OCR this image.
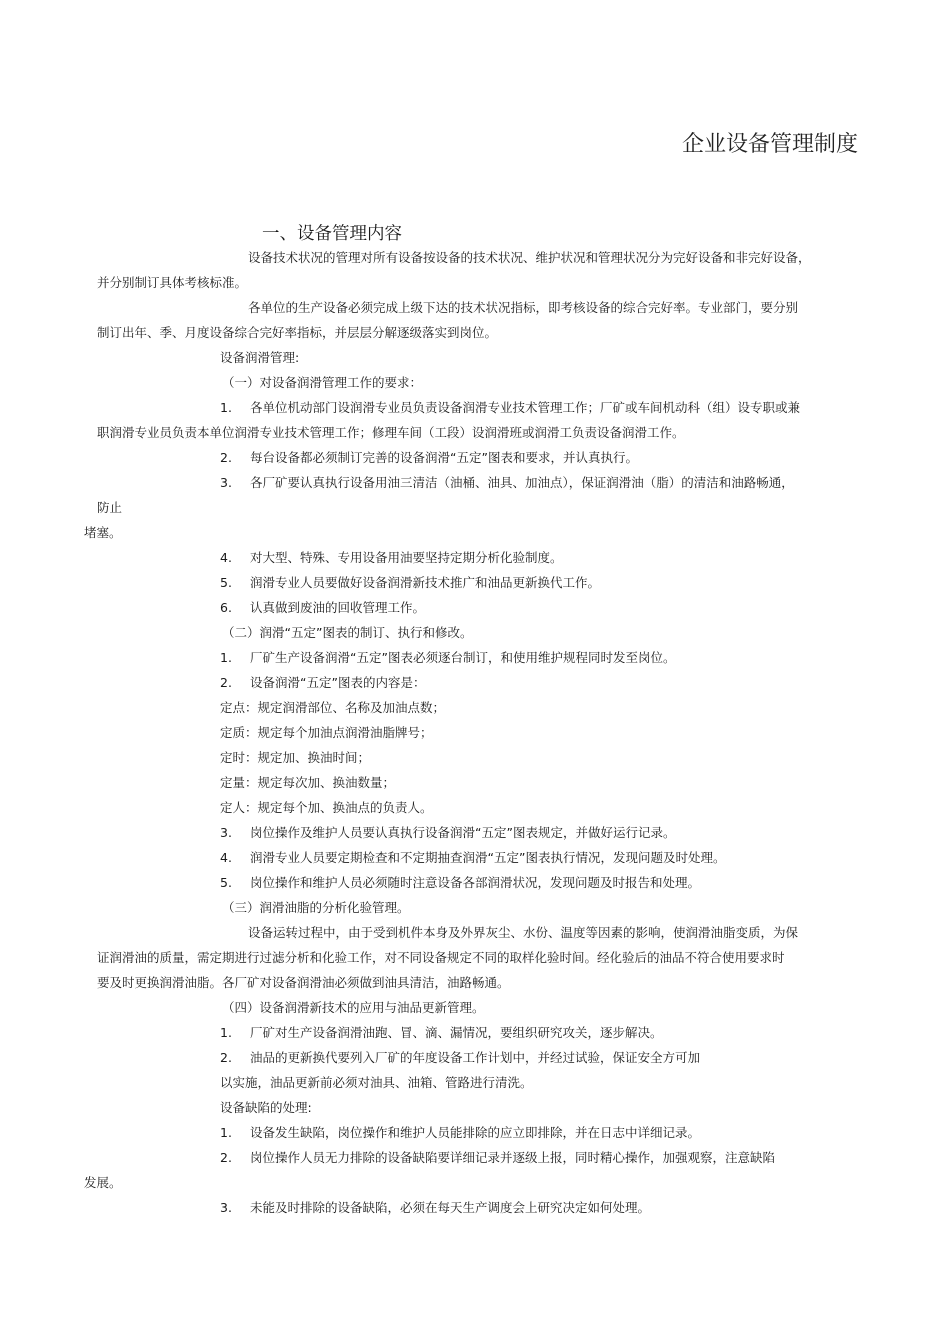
企业设备管理制度
一、设备管理内容
设备技术状况的管理对所有设备按设备的技术状况、维护状况和管理状况分为完好设备和非完好设备，
并分别制订具体考核标准。
各单位的生产设备必须完成上级下达的技术状况指标，即考核设备的综合完好率。专业部门，要分别
制订出年、季、月度设备综合完好率指标，并层层分解逐级落实到岗位。
设备润滑管理:
（一）对设备润滑管理工作的要求：
1. 各单位机动部门设润滑专业员负责设备润滑专业技术管理工作；厂矿或车间机动科（组）设专职或兼
职润滑专业员负责本单位润滑专业技术管理工作；修理车间（工段）设润滑班或润滑工负责设备润滑工作。
2. 每台设备都必须制订完善的设备润滑“五定”图表和要求，并认真执行。
3. 各厂矿要认真执行设备用油三清洁（油桶、油具、加油点），保证润滑油（脂）的清洁和油路畅通，
防止
堵塞。
4. 对大型、特殊、专用设备用油要坚持定期分析化验制度。
5. 润滑专业人员要做好设备润滑新技术推广和油品更新换代工作。
6. 认真做到废油的回收管理工作。
（二）润滑“五定”图表的制订、执行和修改。
1. 厂矿生产设备润滑“五定”图表必须逐台制订，和使用维护规程同时发至岗位。
2. 设备润滑“五定”图表的内容是：
定点：规定润滑部位、名称及加油点数；
定质：规定每个加油点润滑油脂牌号；
定时：规定加、换油时间；
定量：规定每次加、换油数量；
定人：规定每个加、换油点的负责人。
3. 岗位操作及维护人员要认真执行设备润滑“五定”图表规定，并做好运行记录。
4. 润滑专业人员要定期检查和不定期抽查润滑“五定”图表执行情况，发现问题及时处理。
5. 岗位操作和维护人员必须随时注意设备各部润滑状况，发现问题及时报告和处理。
（三）润滑油脂的分析化验管理。
设备运转过程中，由于受到机件本身及外界灰尘、水份、温度等因素的影响，使润滑油脂变质，为保
证润滑油的质量，需定期进行过滤分析和化验工作，对不同设备规定不同的取样化验时间。经化验后的油品不符合使用要求时
要及时更换润滑油脂。各厂矿对设备润滑油必须做到油具清洁，油路畅通。
（四）设备润滑新技术的应用与油品更新管理。
1. 厂矿对生产设备润滑油跑、冒、滴、漏情况，要组织研究攻关，逐步解决。
2. 油品的更新换代要列入厂矿的年度设备工作计划中，并经过试验，保证安全方可加
以实施，油品更新前必须对油具、油箱、管路进行清洗。
设备缺陷的处理:
1. 设备发生缺陷，岗位操作和维护人员能排除的应立即排除，并在日志中详细记录。
2. 岗位操作人员无力排除的设备缺陷要详细记录并逐级上报，同时精心操作，加强观察，注意缺陷
发展。
3. 未能及时排除的设备缺陷，必须在每天生产调度会上研究决定如何处理。
